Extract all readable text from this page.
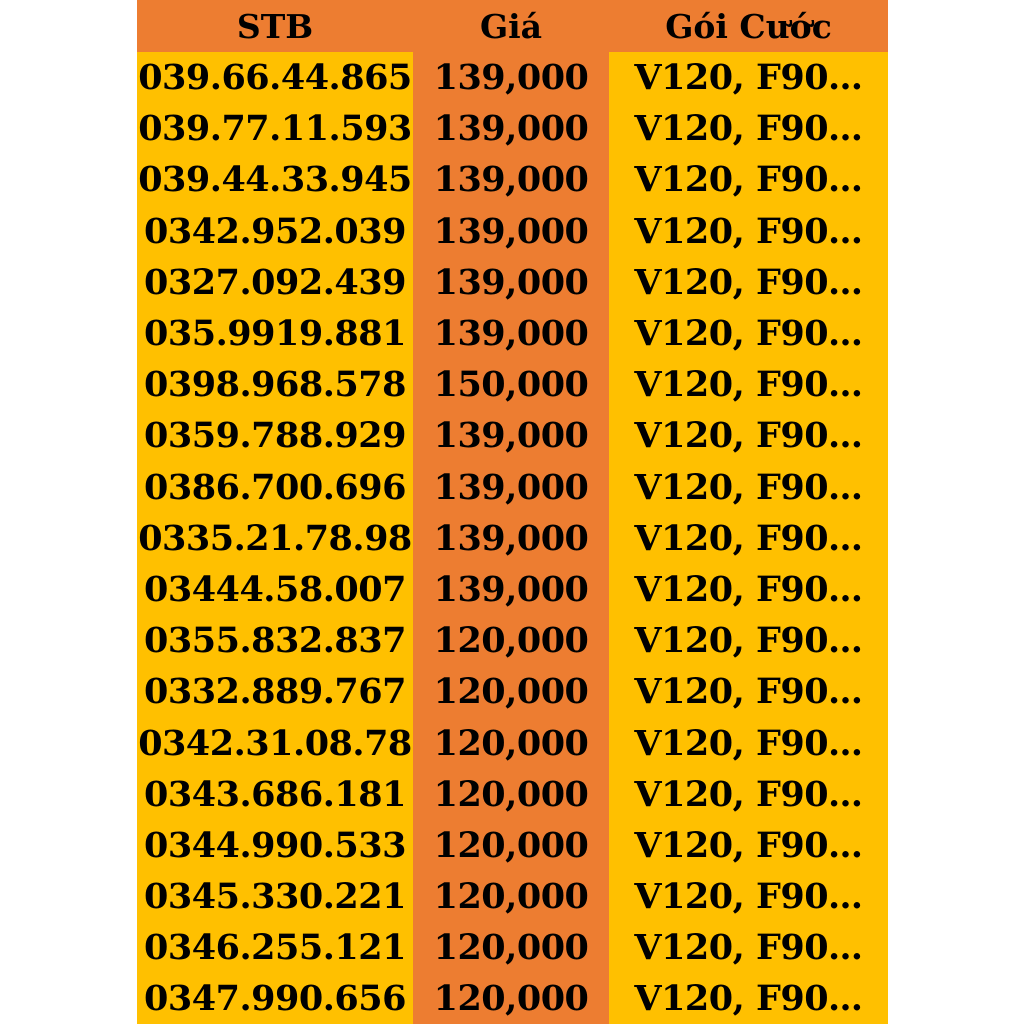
STB	Giá	Gói Cước
039.66.44.865	139,000	V120, F90…
039.77.11.593	139,000	V120, F90…
039.44.33.945	139,000	V120, F90…
0342.952.039	139,000	V120, F90…
0327.092.439	139,000	V120, F90…
035.9919.881	139,000	V120, F90…
0398.968.578	150,000	V120, F90…
0359.788.929	139,000	V120, F90…
0386.700.696	139,000	V120, F90…
0335.21.78.98	139,000	V120, F90…
03444.58.007	139,000	V120, F90…
0355.832.837	120,000	V120, F90…
0332.889.767	120,000	V120, F90…
0342.31.08.78	120,000	V120, F90…
0343.686.181	120,000	V120, F90…
0344.990.533	120,000	V120, F90…
0345.330.221	120,000	V120, F90…
0346.255.121	120,000	V120, F90…
0347.990.656	120,000	V120, F90…
